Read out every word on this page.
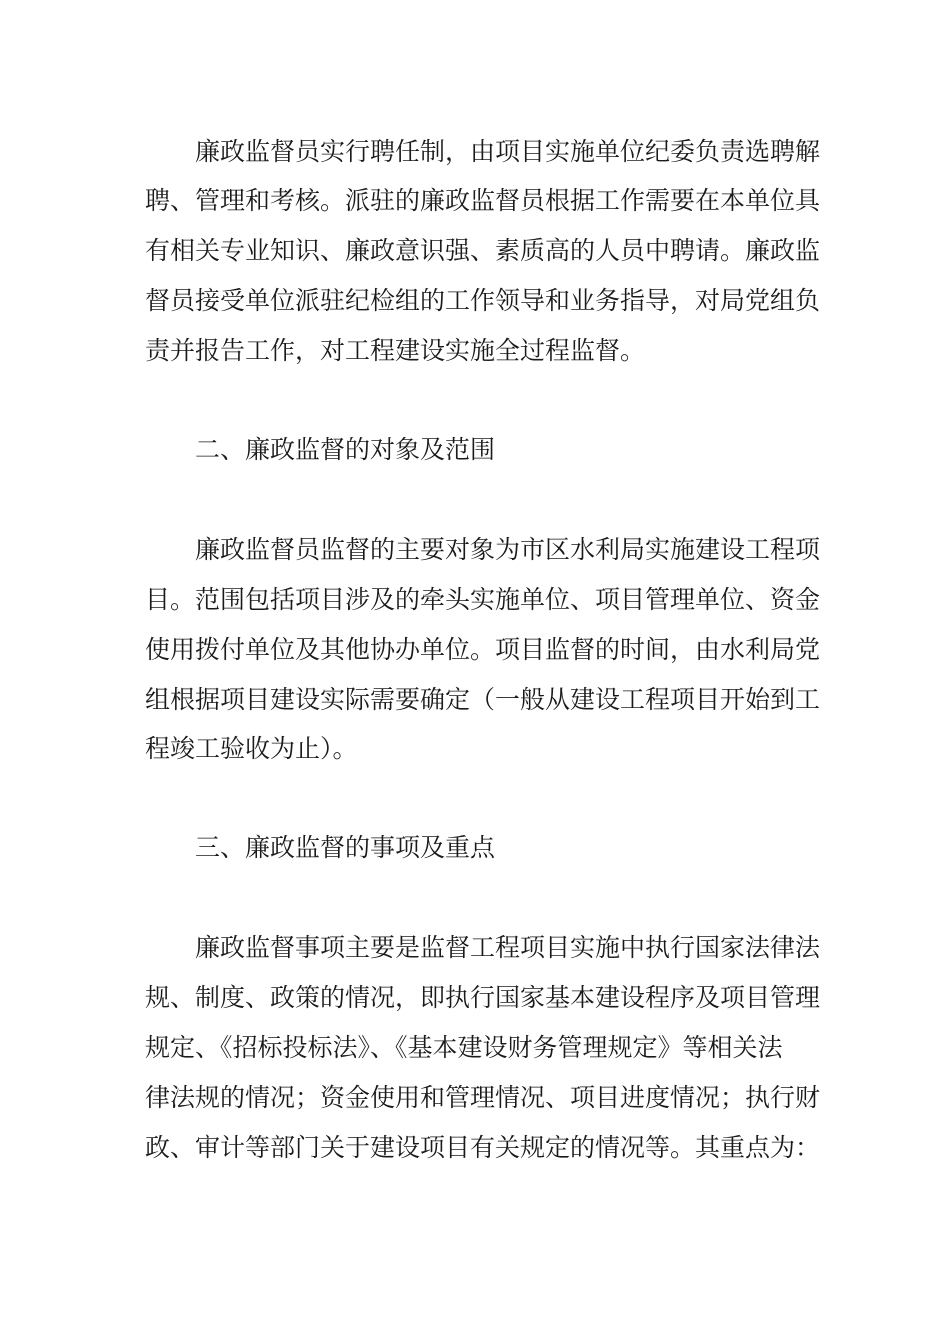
　　廉政监督员实行聘任制，由项目实施单位纪委负责选聘解

聘、管理和考核。派驻的廉政监督员根据工作需要在本单位具

有相关专业知识、廉政意识强、素质高的人员中聘请。廉政监

督员接受单位派驻纪检组的工作领导和业务指导，对局党组负

责并报告工作，对工程建设实施全过程监督。

　　二、廉政监督的对象及范围

　　廉政监督员监督的主要对象为市区水利局实施建设工程项

目。范围包括项目涉及的牵头实施单位、项目管理单位、资金

使用拨付单位及其他协办单位。项目监督的时间，由水利局党

组根据项目建设实际需要确定（一般从建设工程项目开始到工

程竣工验收为止）。

　　三、廉政监督的事项及重点

　　廉政监督事项主要是监督工程项目实施中执行国家法律法

规、制度、政策的情况，即执行国家基本建设程序及项目管理

规定、《招标投标法》、《基本建设财务管理规定》等相关法

律法规的情况；资金使用和管理情况、项目进度情况；执行财

政、审计等部门关于建设项目有关规定的情况等。其重点为：
